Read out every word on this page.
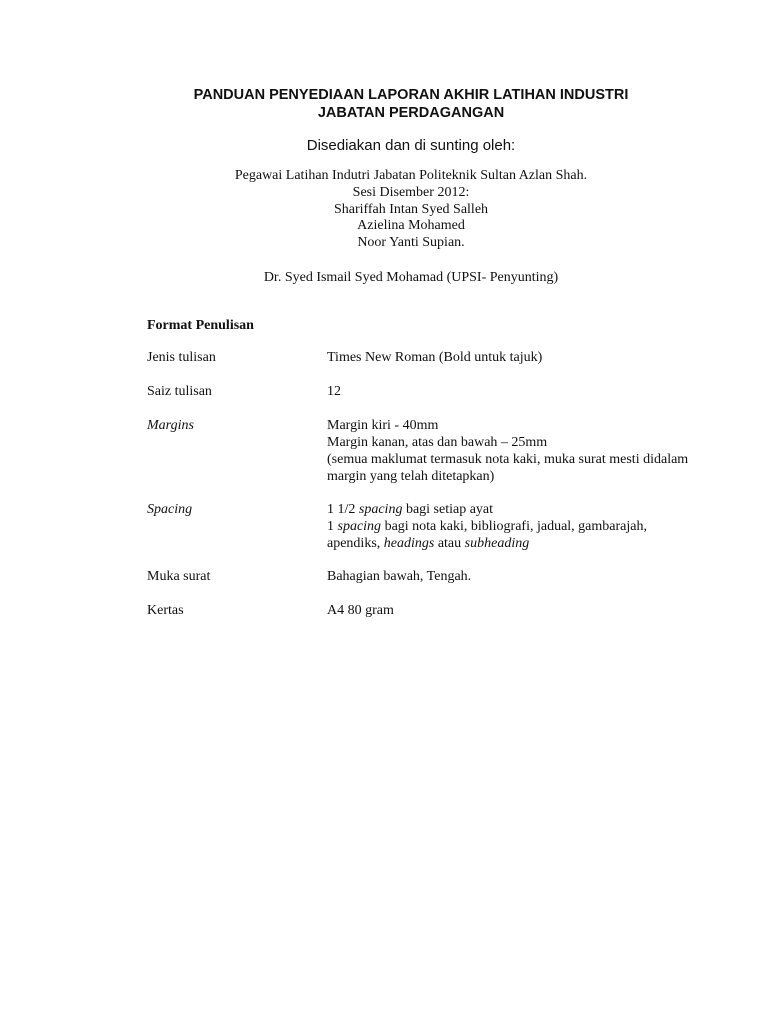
PANDUAN PENYEDIAAN LAPORAN AKHIR LATIHAN INDUSTRI
JABATAN PERDAGANGAN
Disediakan dan di sunting oleh:
Pegawai Latihan Indutri Jabatan Politeknik Sultan Azlan Shah.
Sesi Disember 2012:
Shariffah Intan Syed Salleh
Azielina Mohamed
Noor Yanti Supian.
Dr. Syed Ismail Syed Mohamad (UPSI- Penyunting)
Format Penulisan
Jenis tulisan	Times New Roman (Bold untuk tajuk)
Saiz tulisan	12
Margins	Margin kiri - 40mm
Margin kanan, atas dan bawah – 25mm
(semua maklumat termasuk nota kaki, muka surat mesti didalam
margin yang telah ditetapkan)
Spacing	1 1/2 spacing bagi setiap ayat
1 spacing bagi nota kaki, bibliografi, jadual, gambarajah,
apendiks, headings atau subheading
Muka surat	Bahagian bawah, Tengah.
Kertas	A4 80 gram
